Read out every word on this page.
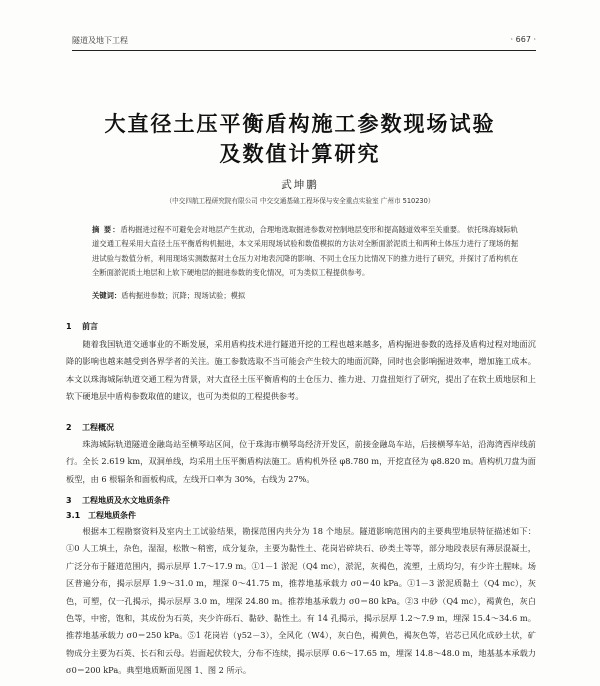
隧道及地下工程	· 667 ·
大直径土压平衡盾构施工参数现场试验
及数值计算研究
武坤鹏
（中交四航工程研究院有限公司 中交交通基础工程环保与安全重点实验室 广州市 510230）

摘 要：盾构掘进过程不可避免会对地层产生扰动，合理地选取掘进参数对控制地层变形和提高隧道效率至关重要。 依托珠海城际轨道交通工程采用大直径土压平衡盾构机掘进，本文采用现场试验和数值模拟的方法对全断面淤泥质土和两种土体压力进行了现场的掘进试验与数值分析，利用现场实测数据对土仓压力对地表沉降的影响、不同土仓压力比情况下的推力进行了研究，并探讨了盾构机在全断面淤泥质土地层和上软下硬地层的掘进参数的变化情况，可为类似工程提供参考。

关键词：盾构掘进参数；沉降；现场试验；模拟

1 前言

随着我国轨道交通事业的不断发展，采用盾构技术进行隧道开挖的工程也越来越多，盾构掘进参数的选择及盾构过程对地面沉降的影响也越来越受到各界学者的关注。施工参数选取不当可能会产生较大的地面沉降，同时也会影响掘进效率，增加施工成本。本文以珠海城际轨道交通工程为背景，对大直径土压平衡盾构的土仓压力、推力进、刀盘扭矩行了研究，提出了在软土质地层和上软下硬地层中盾构参数取值的建议，也可为类似的工程提供参考。

2 工程概况

珠海城际轨道隧道金融岛站至横琴站区间，位于珠海市横琴岛经济开发区，前接金融岛车站，后接横琴车站，沿海湾西岸线前行。全长 2.619 km，双洞单线，均采用土压平衡盾构法施工。盾构机外径 φ8.780 m，开挖直径为 φ8.820 m。盾构机刀盘为面板型，由 6 根辐条和面板构成，左线开口率为 30%，右线为 27%。

3 工程地质及水文地质条件
3.1 工程地质条件

根据本工程勘察资料及室内土工试验结果，勘探范围内共分为 18 个地层。隧道影响范围内的主要典型地层特征描述如下：①0 人工填土，杂色，湿湿，松散～稍密，成分复杂，主要为黏性土、花岗岩碎块石、砂类土等等，部分地段表层有薄层混凝土，广泛分布于隧道范围内，揭示层厚 1.7～17.9 m。①1－1 淤泥（Q4 mc），淤泥，灰褐色，流塑，土质均匀，有少许土腥味。场区普遍分布，揭示层厚 1.9～31.0 m，埋深 0～41.75 m，推荐地基承载力 σ0＝40 kPa。①1－3 淤泥质黏土（Q4 mc），灰色，可塑，仅一孔揭示，揭示层厚 3.0 m，埋深 24.80 m。推荐地基承载力 σ0＝80 kPa。②3 中砂（Q4 mc），褐黄色，灰白色等，中密，饱和，其成份为石英，夹少许砾石、黏砂、黏性土。有 14 孔揭示，揭示层厚 1.2～7.9 m，埋深 15.4～34.6 m。推荐地基承载力 σ0＝250 kPa。⑤1 花岗岩（γ52－3），全风化（W4），灰白色，褐黄色，褐灰色等，岩芯已风化成砂土状，矿物成分主要为石英、长石和云母。岩面起伏较大，分布不连续，揭示层厚 0.6～17.65 m，埋深 14.8～48.0 m，地基基本承载力 σ0＝200 kPa。典型地质断面见图 1、图 2 所示。
